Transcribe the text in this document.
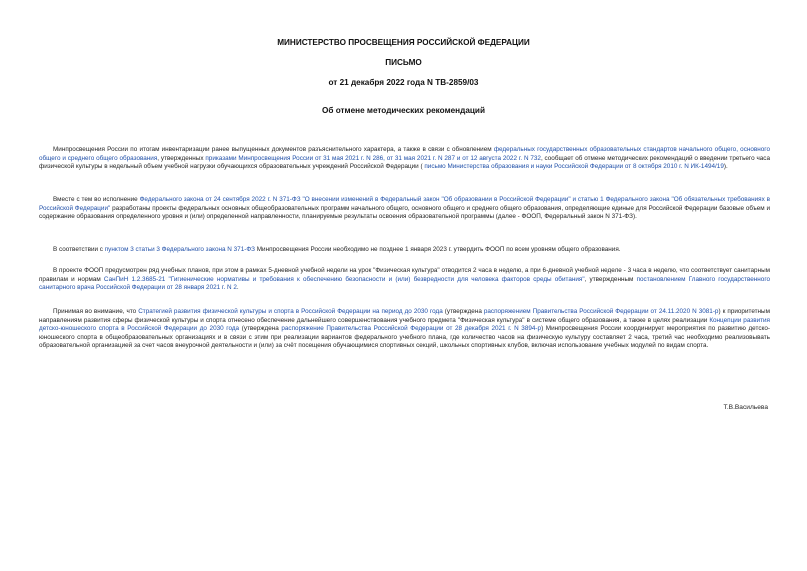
МИНИСТЕРСТВО ПРОСВЕЩЕНИЯ РОССИЙСКОЙ ФЕДЕРАЦИИ
ПИСЬМО
от 21 декабря 2022 года N ТВ-2859/03
Об отмене методических рекомендаций
Минпросвещения России по итогам инвентаризации ранее выпущенных документов разъяснительного характера, а также в связи с обновлением федеральных государственных образовательных стандартов начального общего, основного общего и среднего общего образования, утвержденных приказами Минпросвещения России от 31 мая 2021 г. N 286, от 31 мая 2021 г. N 287 и от 12 августа 2022 г. N 732, сообщает об отмене методических рекомендаций о введении третьего часа физической культуры в недельный объем учебной нагрузки обучающихся образовательных учреждений Российской Федерации ( письмо Министерства образования и науки Российской Федерации от 8 октября 2010 г. N ИК-1494/19).
Вместе с тем во исполнение Федерального закона от 24 сентября 2022 г. N 371-ФЗ "О внесении изменений в Федеральный закон "Об образовании в Российской Федерации" и статью 1 Федерального закона "Об обязательных требованиях в Российской Федерации" разработаны проекты федеральных основных общеобразовательных программ начального общего, основного общего и среднего общего образования, определяющие единые для Российской Федерации базовые объем и содержание образования определенного уровня и (или) определенной направленности, планируемые результаты освоения образовательной программы (далее - ФООП, Федеральный закон N 371-ФЗ).
В соответствии с пунктом 3 статьи 3 Федерального закона N 371-ФЗ Минпросвещения России необходимо не позднее 1 января 2023 г. утвердить ФООП по всем уровням общего образования.
В проекте ФООП предусмотрен ряд учебных планов, при этом в рамках 5-дневной учебной недели на урок "Физическая культура" отводится 2 часа в неделю, а при 6-дневной учебной неделе - 3 часа в неделю, что соответствует санитарным правилам и нормам СанПиН 1.2.3685-21 "Гигиенические нормативы и требования к обеспечению безопасности и (или) безвредности для человека факторов среды обитания", утвержденным постановлением Главного государственного санитарного врача Российской Федерации от 28 января 2021 г. N 2.
Принимая во внимание, что Стратегией развития физической культуры и спорта в Российской Федерации на период до 2030 года (утверждена распоряжением Правительства Российской Федерации от 24.11.2020 N 3081-р) к приоритетным направлениям развития сферы физической культуры и спорта отнесено обеспечение дальнейшего совершенствования учебного предмета "Физическая культура" в системе общего образования, а также в целях реализации Концепции развития детско-юношеского спорта в Российской Федерации до 2030 года (утверждена распоряжение Правительства Российской Федерации от 28 декабря 2021 г. N 3894-р) Минпросвещения России координирует мероприятия по развитию детско-юношеского спорта в общеобразовательных организациях и в связи с этим при реализации вариантов федерального учебного плана, где количество часов на физическую культуру составляет 2 часа, третий час необходимо реализовывать образовательной организацией за счет часов внеурочной деятельности и (или) за счёт посещения обучающимися спортивных секций, школьных спортивных клубов, включая использование учебных модулей по видам спорта.
Т.В.Васильева
